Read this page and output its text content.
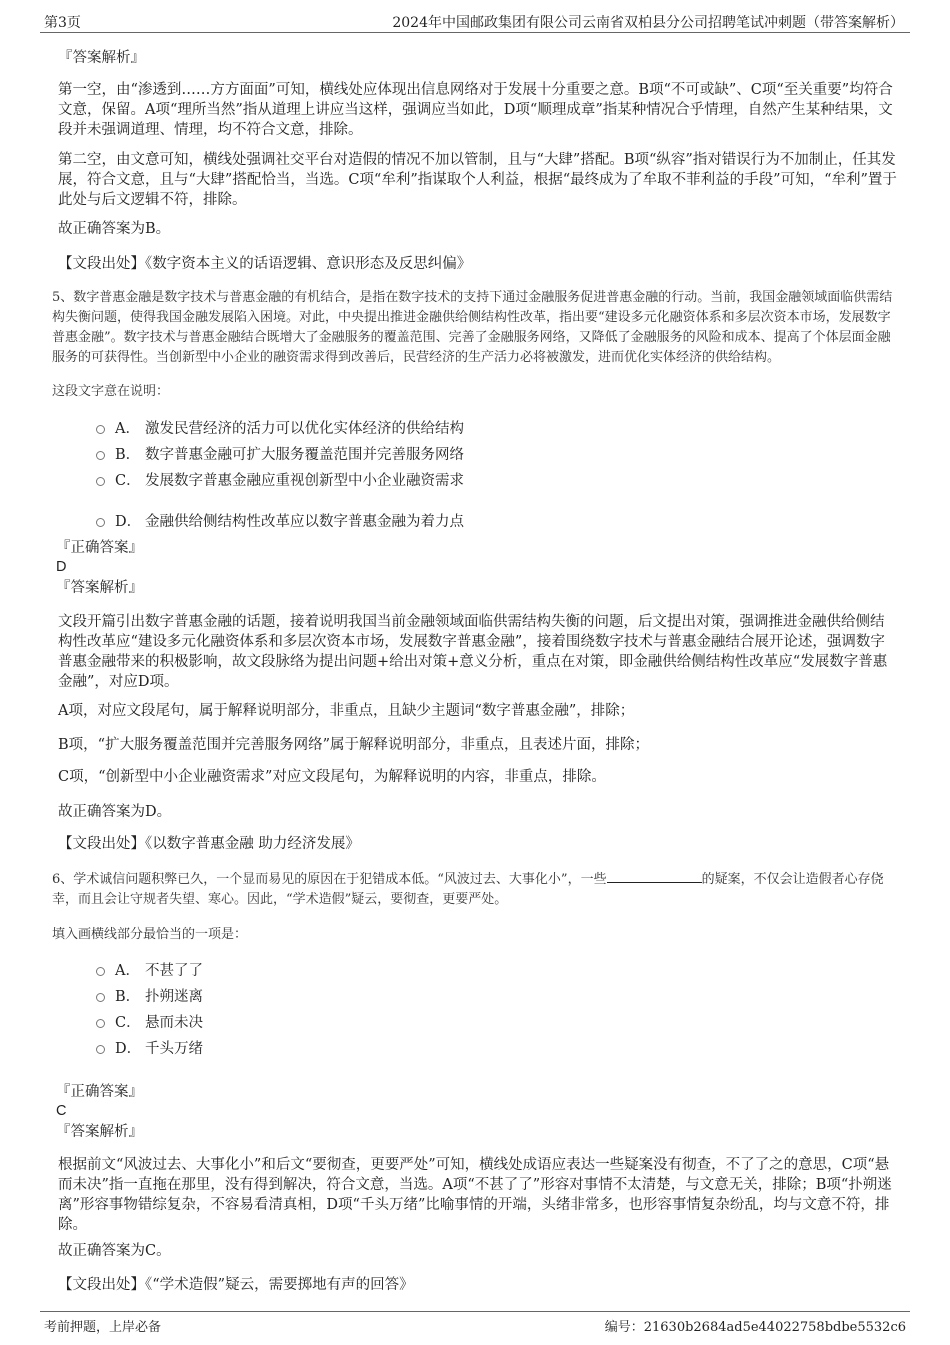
第3页	2024年中国邮政集团有限公司云南省双柏县分公司招聘笔试冲刺题（带答案解析）
『答案解析』
第一空，由“渗透到……方方面面”可知，横线处应体现出信息网络对于发展十分重要之意。B项“不可或缺”、C项“至关重要”均符合文意，保留。A项“理所当然”指从道理上讲应当这样，强调应当如此，D项“顺理成章”指某种情况合乎情理，自然产生某种结果，文段并未强调道理、情理，均不符合文意，排除。
第二空，由文意可知，横线处强调社交平台对造假的情况不加以管制，且与“大肆”搭配。B项“纵容”指对错误行为不加制止，任其发展，符合文意，且与“大肆”搭配恰当，当选。C项“牟利”指谋取个人利益，根据“最终成为了牟取不菲利益的手段”可知，“牟利”置于此处与后文逻辑不符，排除。
故正确答案为B。
【文段出处】《数字资本主义的话语逻辑、意识形态及反思纠偏》
5、数字普惠金融是数字技术与普惠金融的有机结合，是指在数字技术的支持下通过金融服务促进普惠金融的行动。当前，我国金融领域面临供需结构失衡问题，使得我国金融发展陷入困境。对此，中央提出推进金融供给侧结构性改革，指出要“建设多元化融资体系和多层次资本市场，发展数字普惠金融”。数字技术与普惠金融结合既增大了金融服务的覆盖范围、完善了金融服务网络，又降低了金融服务的风险和成本、提高了个体层面金融服务的可获得性。当创新型中小企业的融资需求得到改善后，民营经济的生产活力必将被激发，进而优化实体经济的供给结构。
这段文字意在说明：
A． 激发民营经济的活力可以优化实体经济的供给结构
B． 数字普惠金融可扩大服务覆盖范围并完善服务网络
C． 发展数字普惠金融应重视创新型中小企业融资需求
D． 金融供给侧结构性改革应以数字普惠金融为着力点
『正确答案』
D
『答案解析』
文段开篇引出数字普惠金融的话题，接着说明我国当前金融领域面临供需结构失衡的问题，后文提出对策，强调推进金融供给侧结构性改革应“建设多元化融资体系和多层次资本市场，发展数字普惠金融”，接着围绕数字技术与普惠金融结合展开论述，强调数字普惠金融带来的积极影响，故文段脉络为提出问题+给出对策+意义分析，重点在对策，即金融供给侧结构性改革应“发展数字普惠金融”，对应D项。
A项，对应文段尾句，属于解释说明部分，非重点，且缺少主题词“数字普惠金融”，排除；
B项，“扩大服务覆盖范围并完善服务网络”属于解释说明部分，非重点，且表述片面，排除；
C项，“创新型中小企业融资需求”对应文段尾句，为解释说明的内容，非重点，排除。
故正确答案为D。
【文段出处】《以数字普惠金融 助力经济发展》
6、学术诚信问题积弊已久，一个显而易见的原因在于犯错成本低。“风波过去、大事化小”，一些	的疑案，不仅会让造假者心存侥幸，而且会让守规者失望、寒心。因此，“学术造假”疑云，要彻查，更要严处。
填入画横线部分最恰当的一项是：
A． 不甚了了
B． 扑朔迷离
C． 悬而未决
D． 千头万绪
『正确答案』
C
『答案解析』
根据前文“风波过去、大事化小”和后文“要彻查，更要严处”可知，横线处成语应表达一些疑案没有彻查，不了了之的意思，C项“悬而未决”指一直拖在那里，没有得到解决，符合文意，当选。A项“不甚了了”形容对事情不太清楚，与文意无关，排除；B项“扑朔迷离”形容事物错综复杂，不容易看清真相，D项“千头万绪”比喻事情的开端，头绪非常多，也形容事情复杂纷乱，均与文意不符，排除。
故正确答案为C。
【文段出处】《“学术造假”疑云，需要掷地有声的回答》
考前押题，上岸必备	编号：21630b2684ad5e44022758bdbe5532c6
